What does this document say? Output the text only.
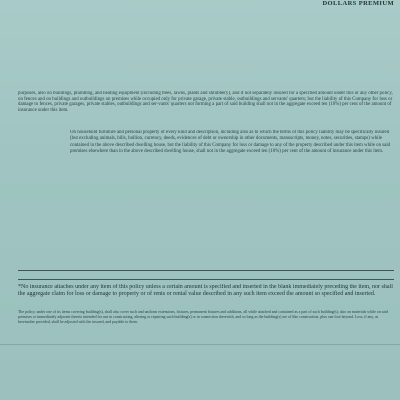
DOLLARS PREMIUM
purposes, also on buildings, plumbing, and heating equipment (including trees, lawns, plants and shrubbery), and if not separately insured for a specified amount under this or any other policy, on fences and on buildings and outbuildings on premises while occupied only for private garage, private stable, outbuildings and servants' quarters; but the liability of this Company for loss or damage to fences, private garages, private stables, outbuildings and ser-vants' quarters not forming a part of said building shall not in the aggregate exceed ten (10%) per cent of the amount of insurance under this item.
On household furniture and personal property of every kind and description, including also as to which the terms of this policy liability may be specifically insured (but excluding animals, bills, bullion, currency, deeds, evidences of debt or ownership in other documents, manuscripts, money, notes, securities, stamps) while contained in the above described dwelling house, but the liability of this Company for loss or damage to any of the property described under this item while on said premises elsewhere than in the above described dwelling house, shall not in the aggregate exceed ten (10%) per cent of the amount of insurance under this item.
*No insurance attaches under any item of this policy unless a certain amount is specified and inserted in the blank immediately preceding the item, nor shall the aggregate claim for loss or damage to property or of rents or rental value described in any such item exceed the amount so specified and inserted.
The policy, under one of its items covering building(s), shall also cover such and uniform extensions, fixtures, permanent fixtures and additions, all while attached and contained as a part of such building(s); also on materials while on said premises or immediately adjacent thereto intended for use in constructing, altering or repairing such building(s) or in connection therewith, and so long as the building(s) are of like construction, plus one foot beyond. Loss, if any, as hereinafter provided, shall be adjusted with the insured, and payable to them.
